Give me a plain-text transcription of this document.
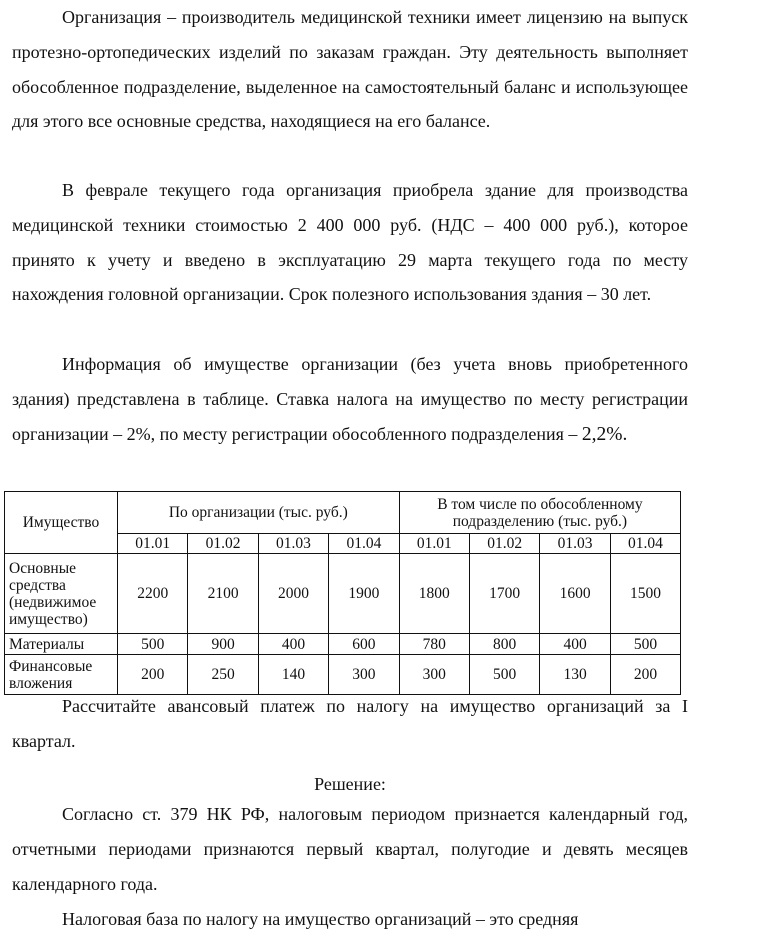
Организация – производитель медицинской техники имеет лицензию на выпуск протезно-ортопедических изделий по заказам граждан. Эту деятельность выполняет обособленное подразделение, выделенное на самостоятельный баланс и использующее для этого все основные средства, находящиеся на его балансе.

В феврале текущего года организация приобрела здание для производства медицинской техники стоимостью 2 400 000 руб. (НДС – 400 000 руб.), которое принято к учету и введено в эксплуатацию 29 марта текущего года по месту нахождения головной организации. Срок полезного использования здания – 30 лет.

Информация об имуществе организации (без учета вновь приобретенного здания) представлена в таблице. Ставка налога на имущество по месту регистрации организации – 2%, по месту регистрации обособленного подразделения – 2,2%.

Имущество	По организации (тыс. руб.)				В том числе по обособленному подразделению (тыс. руб.)			
	01.01	01.02	01.03	01.04	01.01	01.02	01.03	01.04
Основные средства (недвижимое имущество)	2200	2100	2000	1900	1800	1700	1600	1500
Материалы	500	900	400	600	780	800	400	500
Финансовые вложения	200	250	140	300	300	500	130	200

Рассчитайте авансовый платеж по налогу на имущество организаций за I квартал.

Решение:

Согласно ст. 379 НК РФ, налоговым периодом признается календарный год, отчетными периодами признаются первый квартал, полугодие и девять месяцев календарного года.

Налоговая база по налогу на имущество организаций – это средняя
